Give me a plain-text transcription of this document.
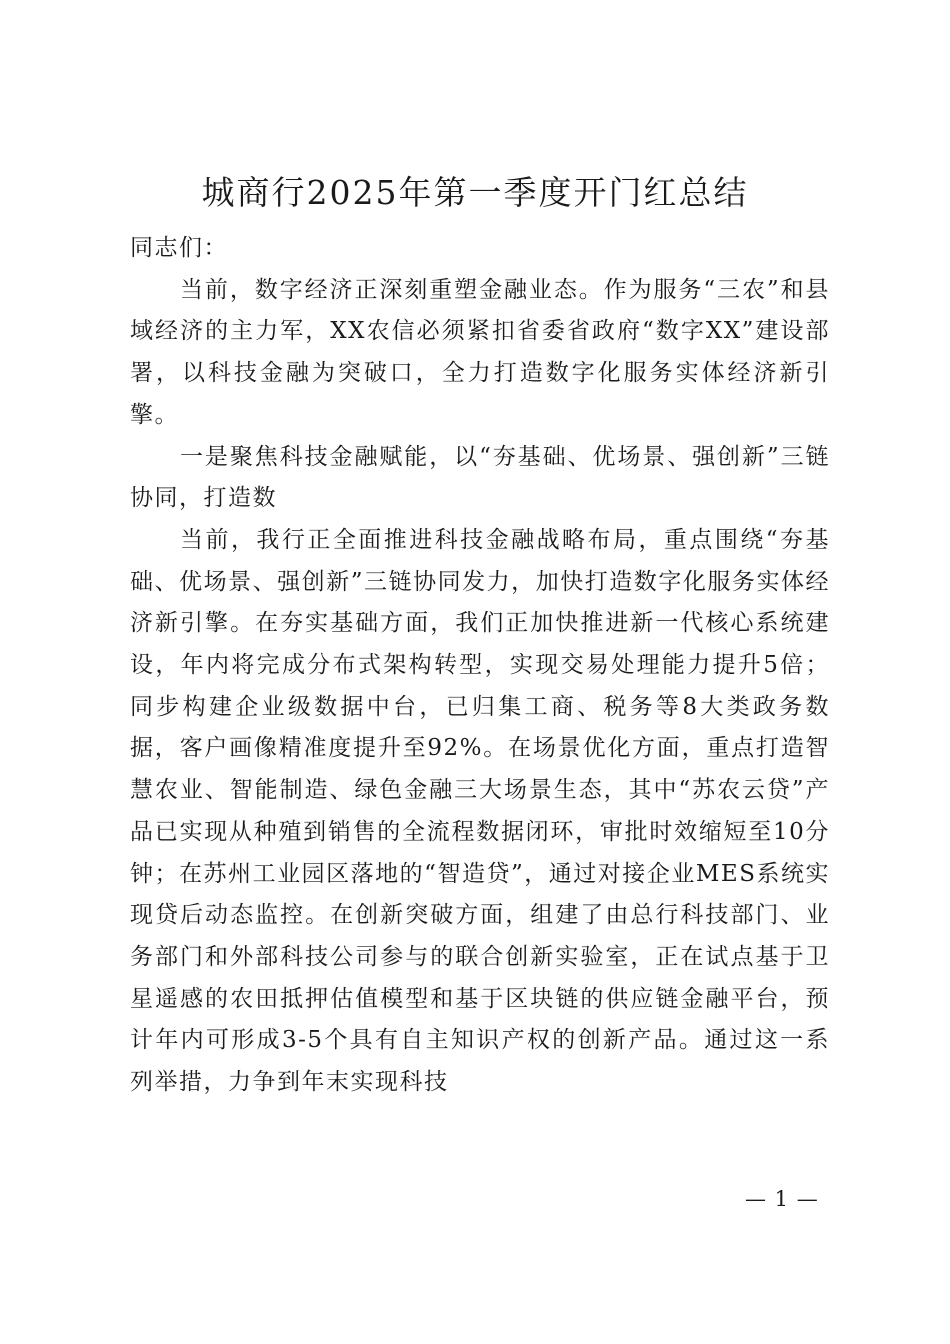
城商行2025年第一季度开门红总结

同志们：

当前，数字经济正深刻重塑金融业态。作为服务“三农”和县域经济的主力军，XX农信必须紧扣省委省政府“数字XX”建设部署，以科技金融为突破口，全力打造数字化服务实体经济新引擎。

一是聚焦科技金融赋能，以“夯基础、优场景、强创新”三链协同，打造数

当前，我行正全面推进科技金融战略布局，重点围绕“夯基础、优场景、强创新”三链协同发力，加快打造数字化服务实体经济新引擎。在夯实基础方面，我们正加快推进新一代核心系统建设，年内将完成分布式架构转型，实现交易处理能力提升5倍；同步构建企业级数据中台，已归集工商、税务等8大类政务数据，客户画像精准度提升至92%。在场景优化方面，重点打造智慧农业、智能制造、绿色金融三大场景生态，其中“苏农云贷”产品已实现从种殖到销售的全流程数据闭环，审批时效缩短至10分钟；在苏州工业园区落地的“智造贷”，通过对接企业MES系统实现贷后动态监控。在创新突破方面，组建了由总行科技部门、业务部门和外部科技公司参与的联合创新实验室，正在试点基于卫星遥感的农田抵押估值模型和基于区块链的供应链金融平台，预计年内可形成3-5个具有自主知识产权的创新产品。通过这一系列举措，力争到年末实现科技

— 1 —
